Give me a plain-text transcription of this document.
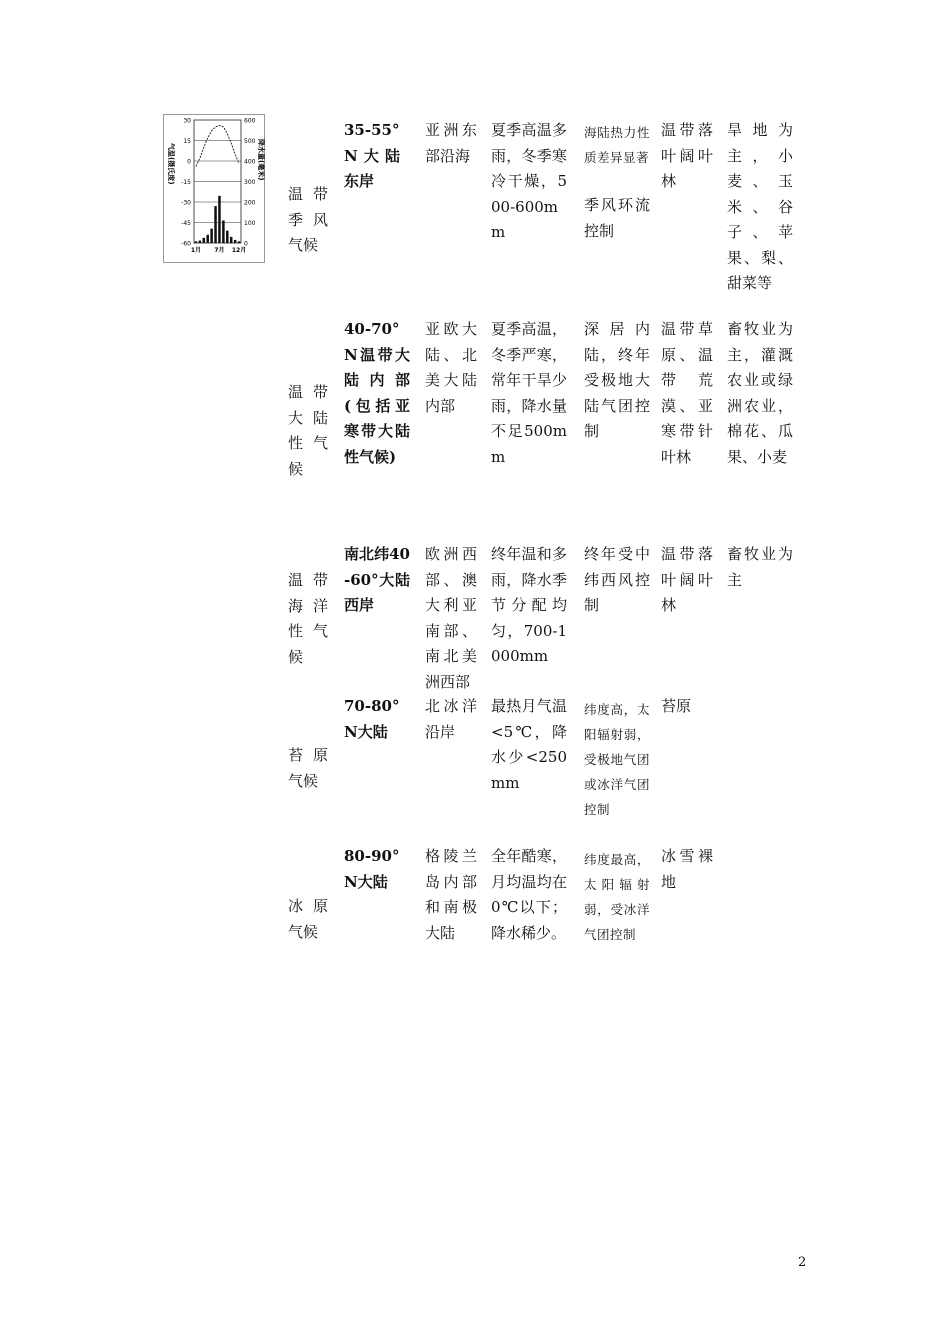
30
15
0
-15
-30
-45
-60
600
500
400
300
200
100
0
1月 7月 12月
气温(摄氏度)	降水量(毫米)
温带季风气候
35-55°N大陆东岸
亚洲东部沿海
夏季高温多雨，冬季寒冷干燥，500-600mm
海陆热力性质差异显著
季风环流控制
温带落叶阔叶林
旱地为主，小麦、玉米、谷子、苹果、梨、甜菜等
温带大陆性气候
40-70°N温带大陆内部(包括亚寒带大陆性气候)
亚欧大陆、北美大陆内部
夏季高温，冬季严寒，常年干旱少雨，降水量不足500mm
深居内陆，终年受极地大陆气团控制
温带草原、温带荒漠、亚寒带针叶林
畜牧业为主，灌溉农业或绿洲农业，棉花、瓜果、小麦
温带海洋性气候
南北纬40-60°大陆西岸
欧洲西部、澳大利亚南部、南北美洲西部
终年温和多雨，降水季节分配均匀，700-1000mm
终年受中纬西风控制
温带落叶阔叶林
畜牧业为主
苔原气候
70-80°N大陆
北冰洋沿岸
最热月气温<5℃，降水少<250mm
纬度高，太阳辐射弱，受极地气团或冰洋气团控制
苔原
冰原气候
80-90°N大陆
格陵兰岛内部和南极大陆
全年酷寒，月均温均在0℃以下；降水稀少。
纬度最高，太阳辐射弱，受冰洋气团控制
冰雪裸地
2
